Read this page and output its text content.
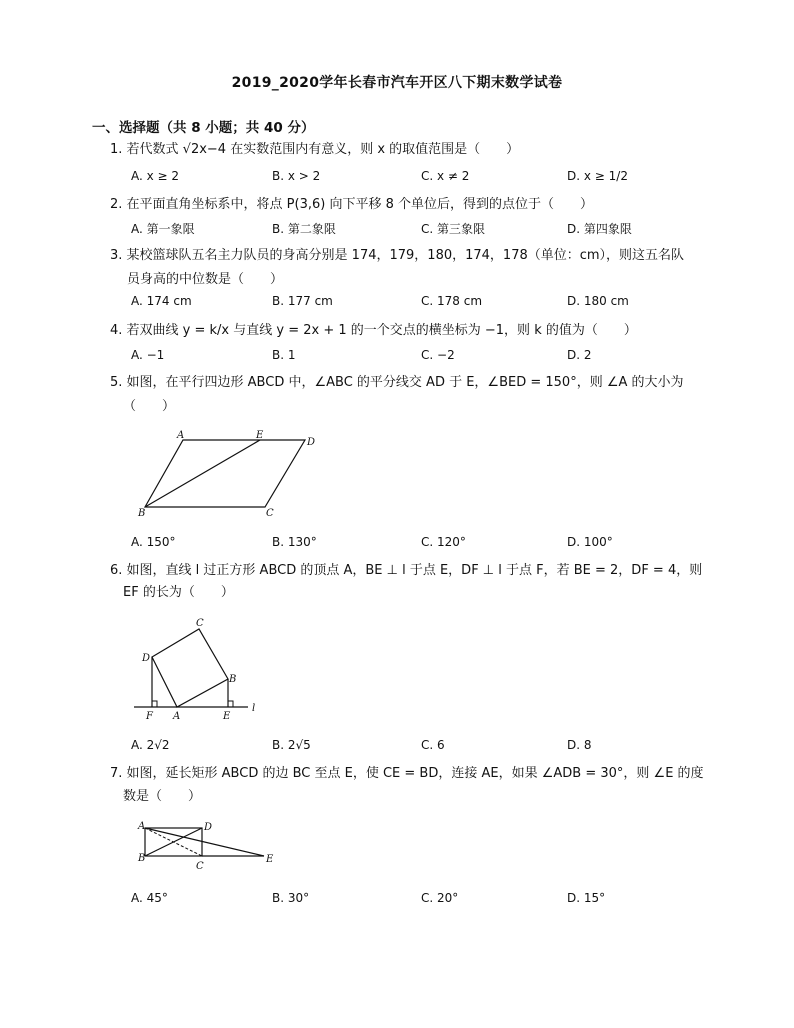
2019_2020学年长春市汽车开区八下期末数学试卷
一、选择题（共 8 小题；共 40 分）
1. 若代数式 √2x−4 在实数范围内有意义，则 x 的取值范围是（　　）
A. x ≥ 2	B. x > 2	C. x ≠ 2	D. x ≥ 1/2
2. 在平面直角坐标系中，将点 P(3,6) 向下平移 8 个单位后，得到的点位于（　　）
A. 第一象限	B. 第二象限	C. 第三象限	D. 第四象限
3. 某校篮球队五名主力队员的身高分别是 174，179，180，174，178（单位：cm），则这五名队
员身高的中位数是（　　）
A. 174 cm	B. 177 cm	C. 178 cm	D. 180 cm
4. 若双曲线 y = k/x 与直线 y = 2x + 1 的一个交点的横坐标为 −1，则 k 的值为（　　）
A. −1	B. 1	C. −2	D. 2
5. 如图，在平行四边形 ABCD 中，∠ABC 的平分线交 AD 于 E，∠BED = 150°，则 ∠A 的大小为
（　　）
A	E
D
B	C
A. 150°	B. 130°	C. 120°	D. 100°
6. 如图，直线 l 过正方形 ABCD 的顶点 A，BE ⊥ l 于点 E，DF ⊥ l 于点 F，若 BE = 2，DF = 4，则
EF 的长为（　　）
C
D
B
F A	E
l
A. 2√2	B. 2√5	C. 6	D. 8
7. 如图，延长矩形 ABCD 的边 BC 至点 E，使 CE = BD，连接 AE，如果 ∠ADB = 30°，则 ∠E 的度
数是（　　）
A	D
B
C
E
A. 45°	B. 30°	C. 20°	D. 15°
